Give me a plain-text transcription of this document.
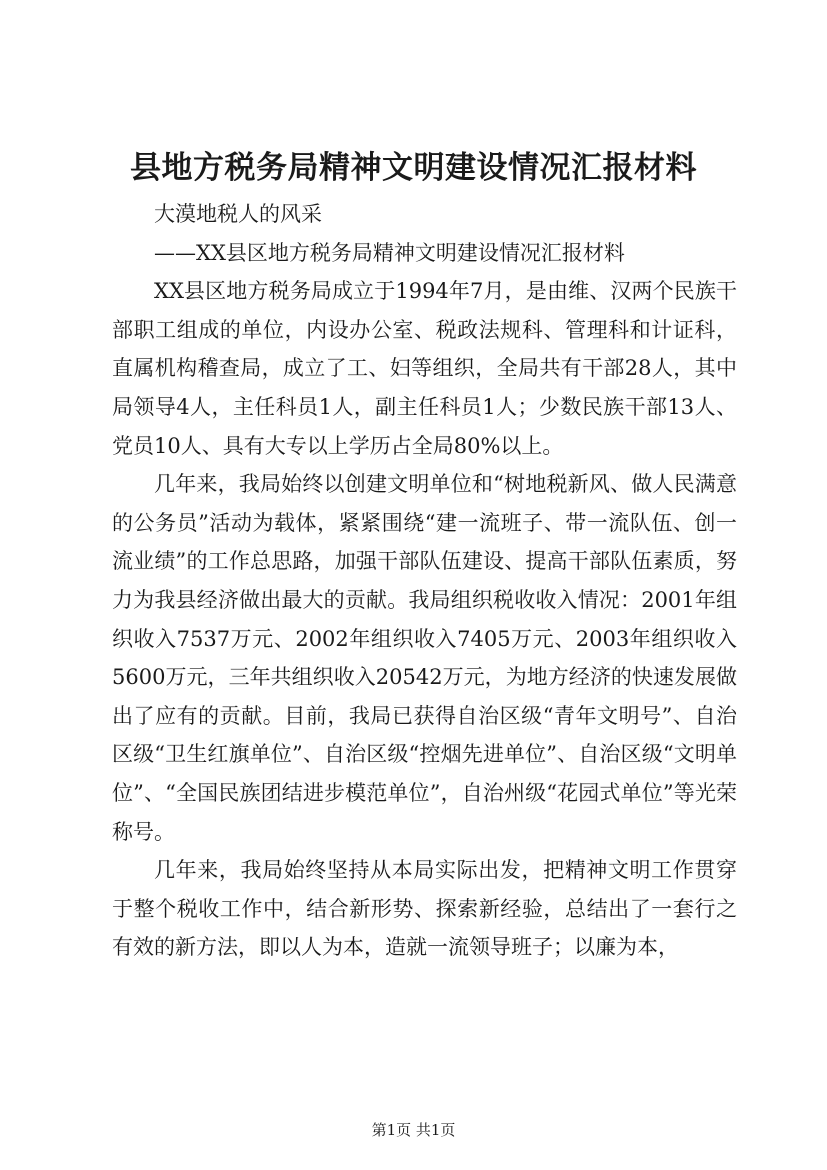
县地方税务局精神文明建设情况汇报材料

大漠地税人的风采

——XX县区地方税务局精神文明建设情况汇报材料

XX县区地方税务局成立于1994年7月，是由维、汉两个民族干部职工组成的单位，内设办公室、税政法规科、管理科和计证科，直属机构稽查局，成立了工、妇等组织，全局共有干部28人，其中局领导4人，主任科员1人，副主任科员1人；少数民族干部13人、党员10人、具有大专以上学历占全局80%以上。

几年来，我局始终以创建文明单位和“树地税新风、做人民满意的公务员”活动为载体，紧紧围绕“建一流班子、带一流队伍、创一流业绩”的工作总思路，加强干部队伍建设、提高干部队伍素质，努力为我县经济做出最大的贡献。我局组织税收收入情况：2001年组织收入7537万元、2002年组织收入7405万元、2003年组织收入5600万元，三年共组织收入20542万元，为地方经济的快速发展做出了应有的贡献。目前，我局已获得自治区级“青年文明号”、自治区级“卫生红旗单位”、自治区级“控烟先进单位”、自治区级“文明单位”、“全国民族团结进步模范单位”，自治州级“花园式单位”等光荣称号。

几年来，我局始终坚持从本局实际出发，把精神文明工作贯穿于整个税收工作中，结合新形势、探索新经验，总结出了一套行之有效的新方法，即以人为本，造就一流领导班子；以廉为本，

第1页 共1页
